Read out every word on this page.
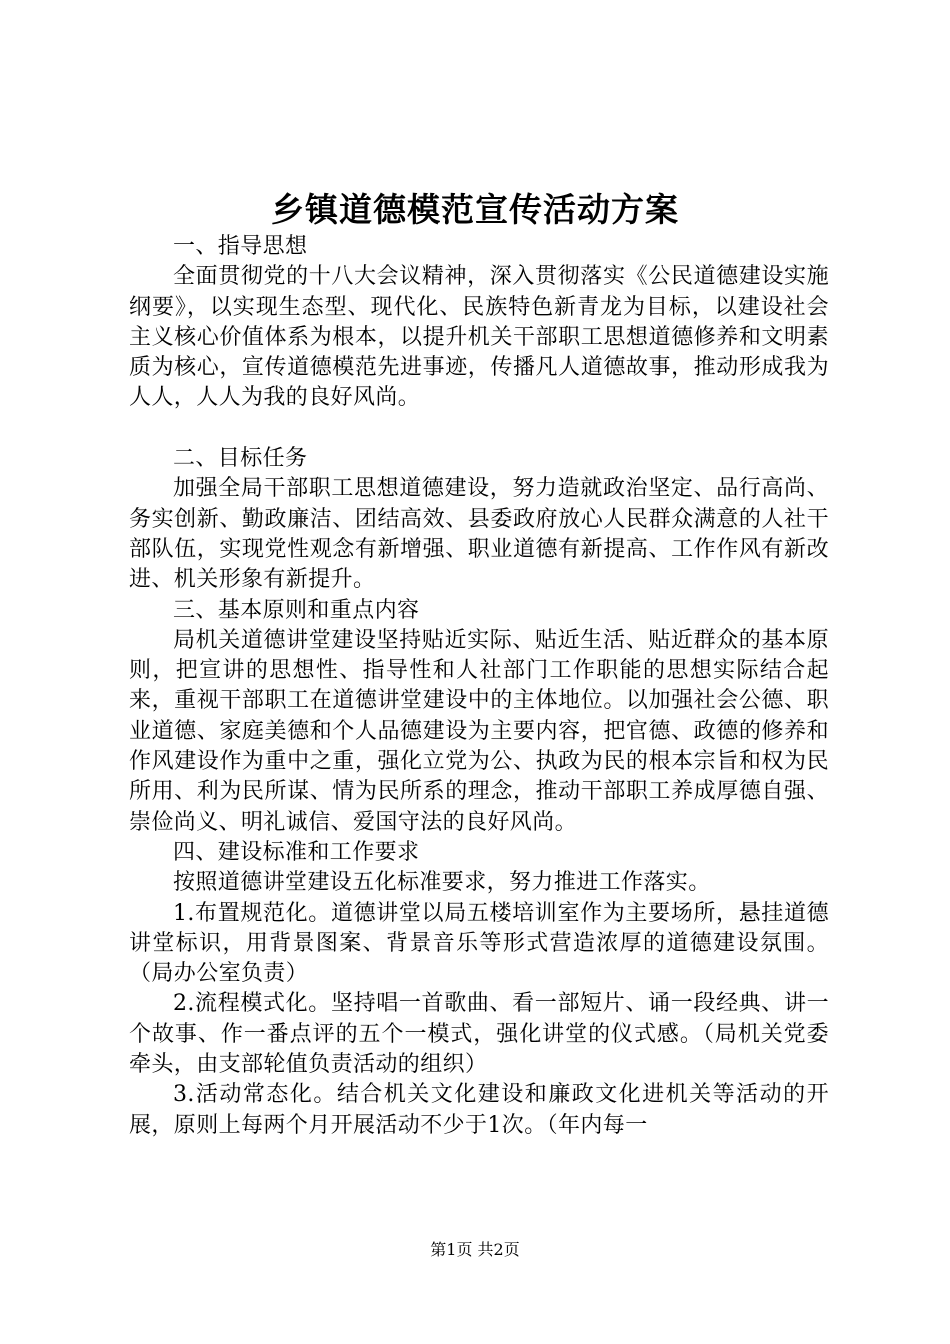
乡镇道德模范宣传活动方案

一、指导思想

全面贯彻党的十八大会议精神，深入贯彻落实《公民道德建设实施纲要》，以实现生态型、现代化、民族特色新青龙为目标，以建设社会主义核心价值体系为根本，以提升机关干部职工思想道德修养和文明素质为核心，宣传道德模范先进事迹，传播凡人道德故事，推动形成我为人人，人人为我的良好风尚。

二、目标任务

加强全局干部职工思想道德建设，努力造就政治坚定、品行高尚、务实创新、勤政廉洁、团结高效、县委政府放心人民群众满意的人社干部队伍，实现党性观念有新增强、职业道德有新提高、工作作风有新改进、机关形象有新提升。

三、基本原则和重点内容

局机关道德讲堂建设坚持贴近实际、贴近生活、贴近群众的基本原则，把宣讲的思想性、指导性和人社部门工作职能的思想实际结合起来，重视干部职工在道德讲堂建设中的主体地位。以加强社会公德、职业道德、家庭美德和个人品德建设为主要内容，把官德、政德的修养和作风建设作为重中之重，强化立党为公、执政为民的根本宗旨和权为民所用、利为民所谋、情为民所系的理念，推动干部职工养成厚德自强、崇俭尚义、明礼诚信、爱国守法的良好风尚。

四、建设标准和工作要求

按照道德讲堂建设五化标准要求，努力推进工作落实。

1.布置规范化。道德讲堂以局五楼培训室作为主要场所，悬挂道德讲堂标识，用背景图案、背景音乐等形式营造浓厚的道德建设氛围。（局办公室负责）

2.流程模式化。坚持唱一首歌曲、看一部短片、诵一段经典、讲一个故事、作一番点评的五个一模式，强化讲堂的仪式感。（局机关党委牵头，由支部轮值负责活动的组织）

3.活动常态化。结合机关文化建设和廉政文化进机关等活动的开展，原则上每两个月开展活动不少于1次。（年内每一

第1页 共2页
